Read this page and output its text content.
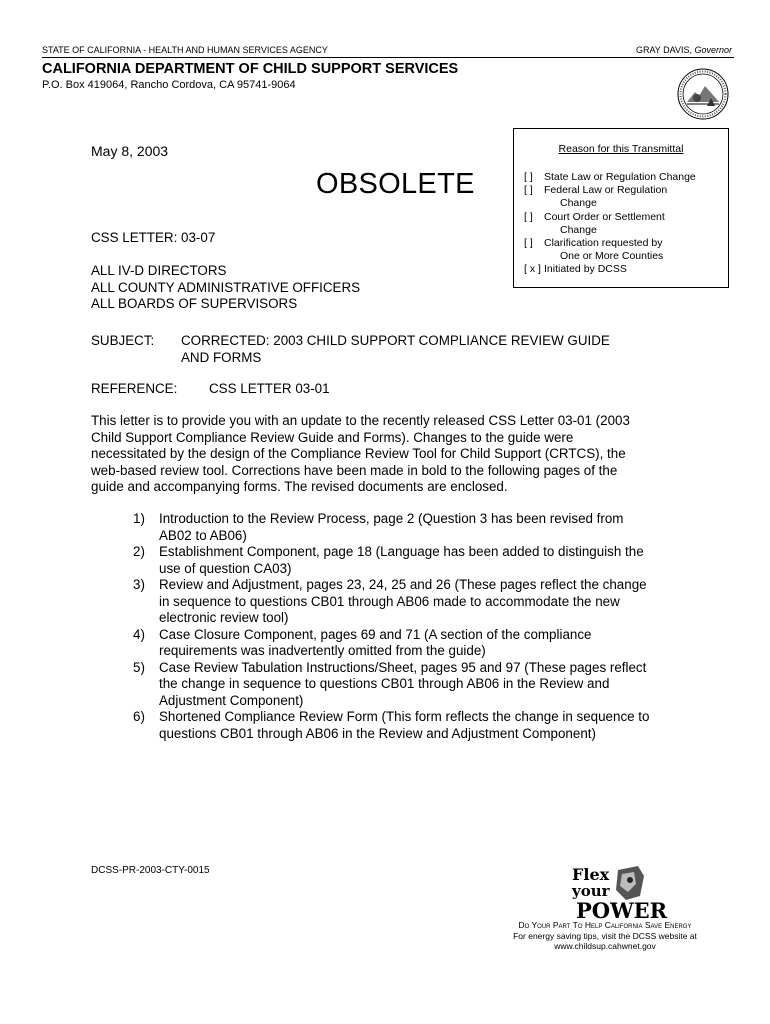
STATE OF CALIFORNIA - HEALTH AND HUMAN SERVICES AGENCY	GRAY DAVIS, Governor
CALIFORNIA DEPARTMENT OF CHILD SUPPORT SERVICES
P.O. Box 419064, Rancho Cordova, CA 95741-9064
May 8, 2003
OBSOLETE
Reason for this Transmittal
[ ] State Law or Regulation Change
[ ] Federal Law or Regulation
Change
[ ] Court Order or Settlement
Change
[ ] Clarification requested by
One or More Counties
[ x ] Initiated by DCSS
CSS LETTER: 03-07
ALL IV-D DIRECTORS
ALL COUNTY ADMINISTRATIVE OFFICERS
ALL BOARDS OF SUPERVISORS
SUBJECT: CORRECTED: 2003 CHILD SUPPORT COMPLIANCE REVIEW GUIDE
AND FORMS
REFERENCE: CSS LETTER 03-01
This letter is to provide you with an update to the recently released CSS Letter 03-01 (2003
Child Support Compliance Review Guide and Forms). Changes to the guide were
necessitated by the design of the Compliance Review Tool for Child Support (CRTCS), the
web-based review tool. Corrections have been made in bold to the following pages of the
guide and accompanying forms. The revised documents are enclosed.
1) Introduction to the Review Process, page 2 (Question 3 has been revised from
AB02 to AB06)
2) Establishment Component, page 18 (Language has been added to distinguish the
use of question CA03)
3) Review and Adjustment, pages 23, 24, 25 and 26 (These pages reflect the change
in sequence to questions CB01 through AB06 made to accommodate the new
electronic review tool)
4) Case Closure Component, pages 69 and 71 (A section of the compliance
requirements was inadvertently omitted from the guide)
5) Case Review Tabulation Instructions/Sheet, pages 95 and 97 (These pages reflect
the change in sequence to questions CB01 through AB06 in the Review and
Adjustment Component)
6) Shortened Compliance Review Form (This form reflects the change in sequence to
questions CB01 through AB06 in the Review and Adjustment Component)
DCSS-PR-2003-CTY-0015	Flex
your
POWER
Do Your Part To Help California Save Energy
For energy saving tips, visit the DCSS website at
www.childsup.cahwnet.gov
